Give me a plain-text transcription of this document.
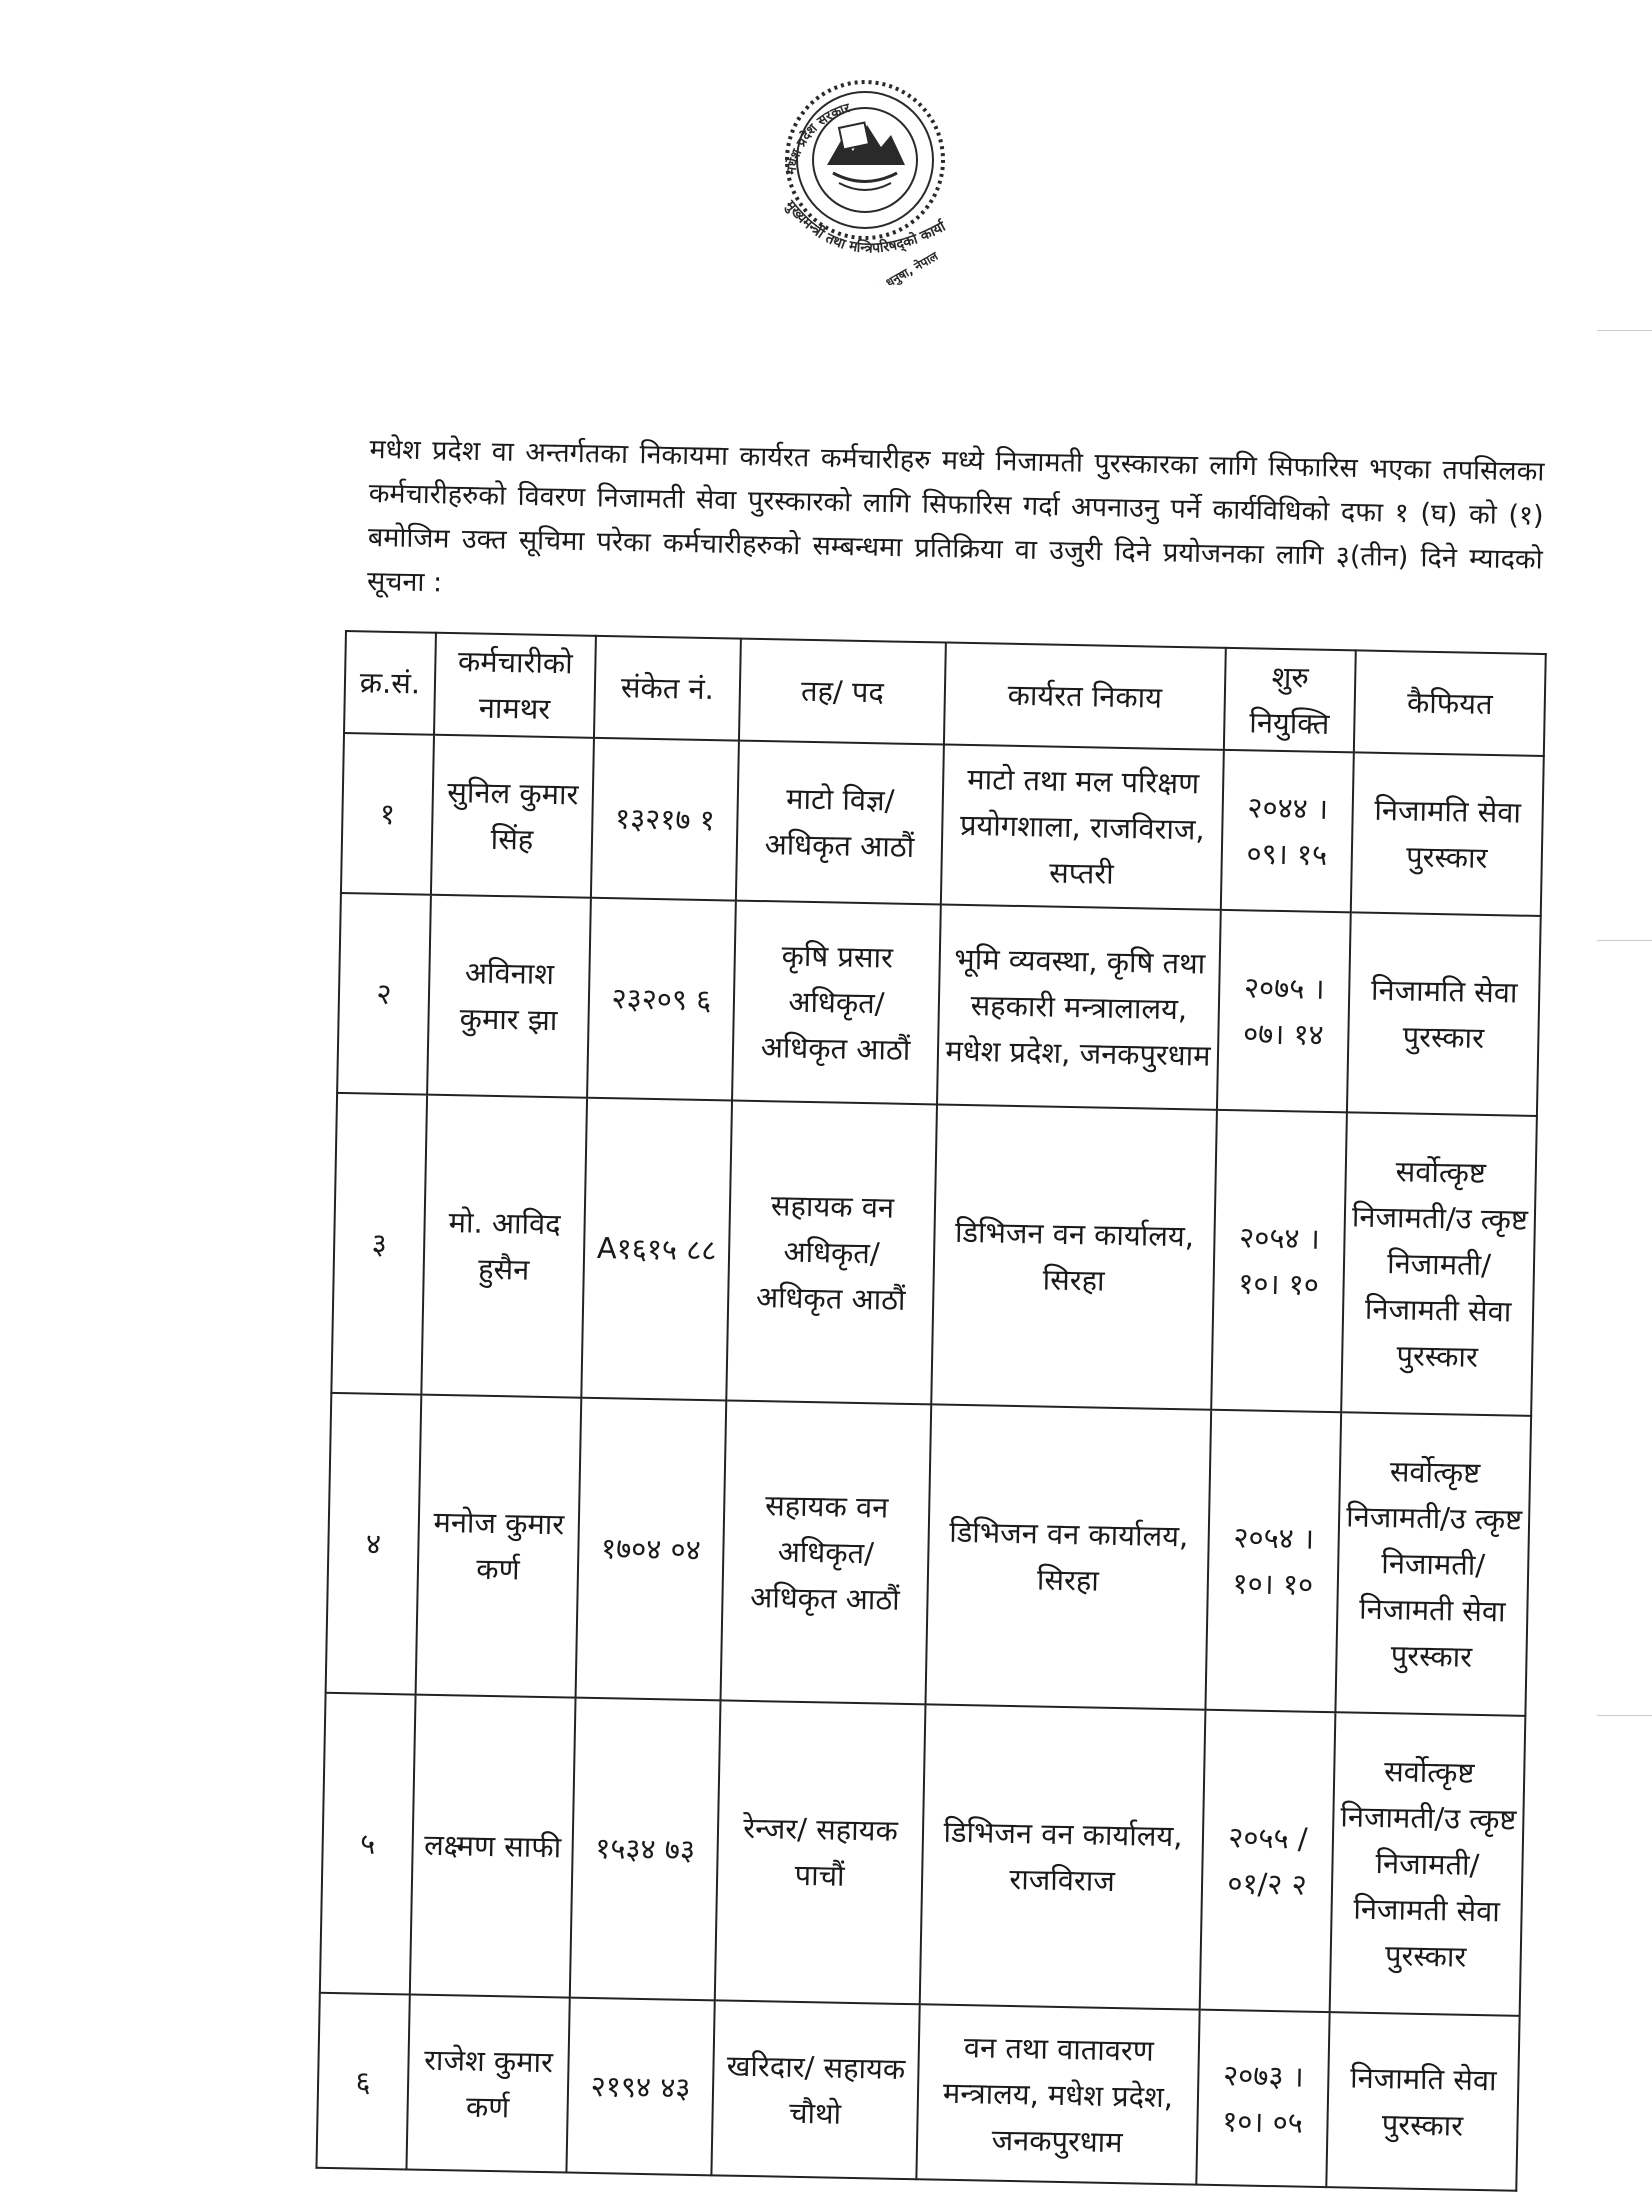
मधेश प्रदेश सरकार
मुख्यमन्त्री तथा मन्त्रिपरिषद्‌को कार्या
मधेश प्रदेश वा अन्तर्गतका निकायमा कार्यरत कर्मचारीहरु मध्ये निजामती पुरस्कारका लागि सिफारिस भएका तपसिलका कर्मचारीहरुको विवरण निजामती सेवा पुरस्कारको लागि सिफारिस गर्दा अपनाउनु पर्ने कार्यविधिको दफा १ (घ) को (१) बमोजिम उक्त सूचिमा परेका कर्मचारीहरुको सम्बन्धमा प्रतिक्रिया वा उजुरी दिने प्रयोजनका लागि ३(तीन) दिने म्यादको सूचना :
क्र.सं.	कर्मचारीको नामथर	संकेत नं.	तह/ पद	कार्यरत निकाय	शुरु नियुक्ति	कैफियत
१	सुनिल कुमार सिंह	१३२१७ १	माटो विज्ञ/ अधिकृत आठौं	माटो तथा मल परिक्षण प्रयोगशाला, राजविराज, सप्तरी	२०४४ ।०९। १५	निजामति सेवा पुरस्कार
२	अविनाश कुमार झा	२३२०९ ६	कृषि प्रसार अधिकृत/ अधिकृत आठौं	भूमि व्यवस्था, कृषि तथा सहकारी मन्त्रालालय, मधेश प्रदेश, जनकपुरधाम	२०७५ ।०७। १४	निजामति सेवा पुरस्कार
३	मो. आविद हुसैन	A१६१५ ८८	सहायक वन अधिकृत/ अधिकृत आठौं	डिभिजन वन कार्यालय, सिरहा	२०५४ ।१०। १०	सर्वोत्कृष्ट निजामती/उ त्कृष्ट निजामती/ निजामती सेवा पुरस्कार
४	मनोज कुमार कर्ण	१७०४ ०४	सहायक वन अधिकृत/ अधिकृत आठौं	डिभिजन वन कार्यालय, सिरहा	२०५४ ।१०। १०	सर्वोत्कृष्ट निजामती/उ त्कृष्ट निजामती/ निजामती सेवा पुरस्कार
५	लक्ष्मण साफी	१५३४ ७३	रेन्जर/ सहायक पाचौं	डिभिजन वन कार्यालय, राजविराज	२०५५ /०१/२ २	सर्वोत्कृष्ट निजामती/उ त्कृष्ट निजामती/ निजामती सेवा पुरस्कार
६	राजेश कुमार कर्ण	२१९४ ४३	खरिदार/ सहायक चौथो	वन तथा वातावरण मन्त्रालय, मधेश प्रदेश, जनकपुरधाम	२०७३ ।१०। ०५	निजामति सेवा पुरस्कार
